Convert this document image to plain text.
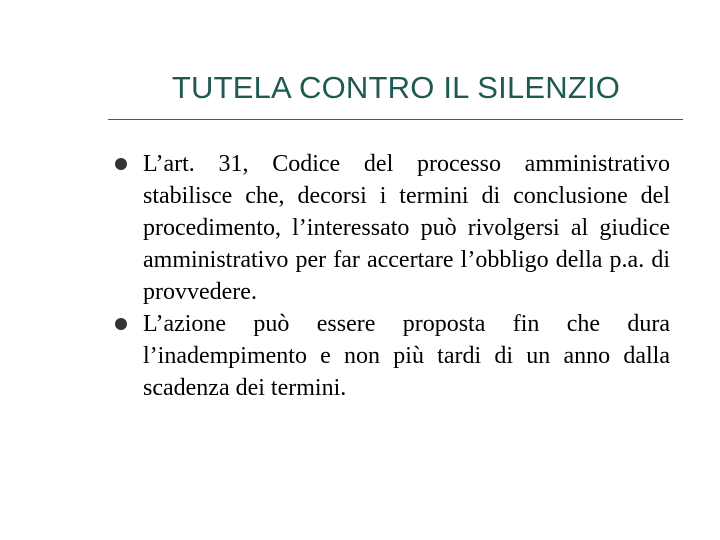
TUTELA CONTRO IL SILENZIO
L’art. 31, Codice del processo amministrativo stabilisce che, decorsi i termini di conclusione del procedimento, l’interessato può rivolgersi al giudice amministrativo per far accertare l’obbligo della p.a. di provvedere.
L’azione può essere proposta fin che dura l’inadempimento e non più tardi di un anno dalla scadenza dei termini.
